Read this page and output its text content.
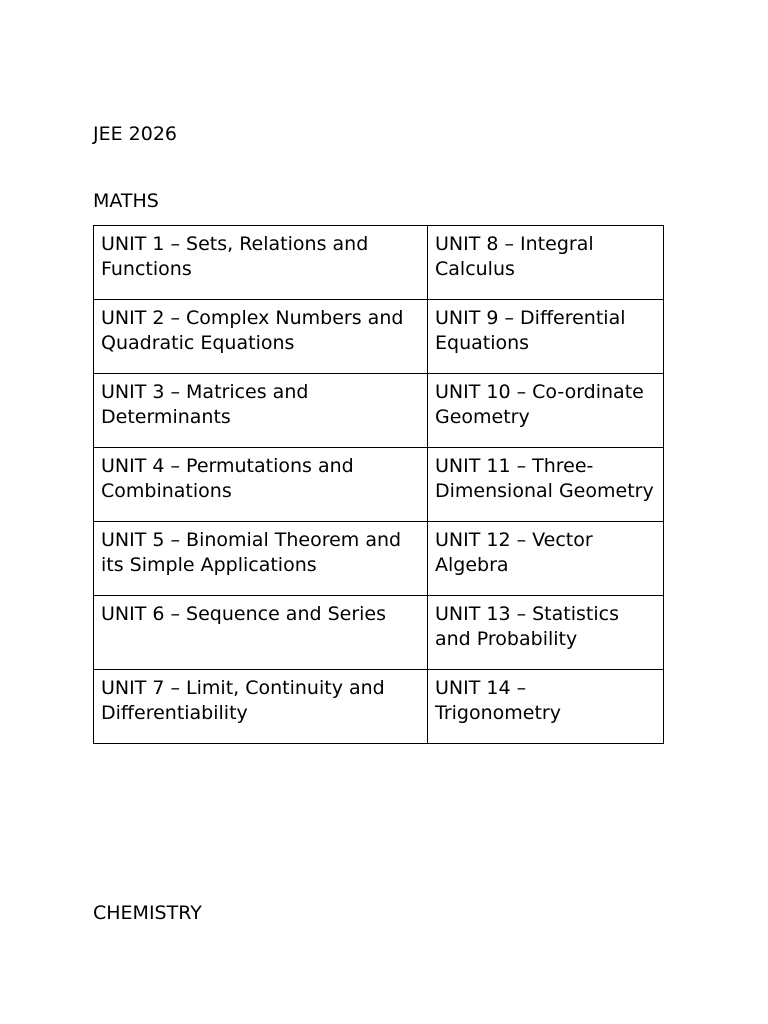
JEE 2026
MATHS
UNIT 1 – Sets, Relations and Functions	UNIT 8 – Integral Calculus
UNIT 2 – Complex Numbers and Quadratic Equations	UNIT 9 – Differential Equations
UNIT 3 – Matrices and Determinants	UNIT 10 – Co-ordinate Geometry
UNIT 4 – Permutations and Combinations	UNIT 11 – Three-Dimensional Geometry
UNIT 5 – Binomial Theorem and its Simple Applications	UNIT 12 – Vector Algebra
UNIT 6 – Sequence and Series	UNIT 13 – Statistics and Probability
UNIT 7 – Limit, Continuity and Differentiability	UNIT 14 – Trigonometry
CHEMISTRY
